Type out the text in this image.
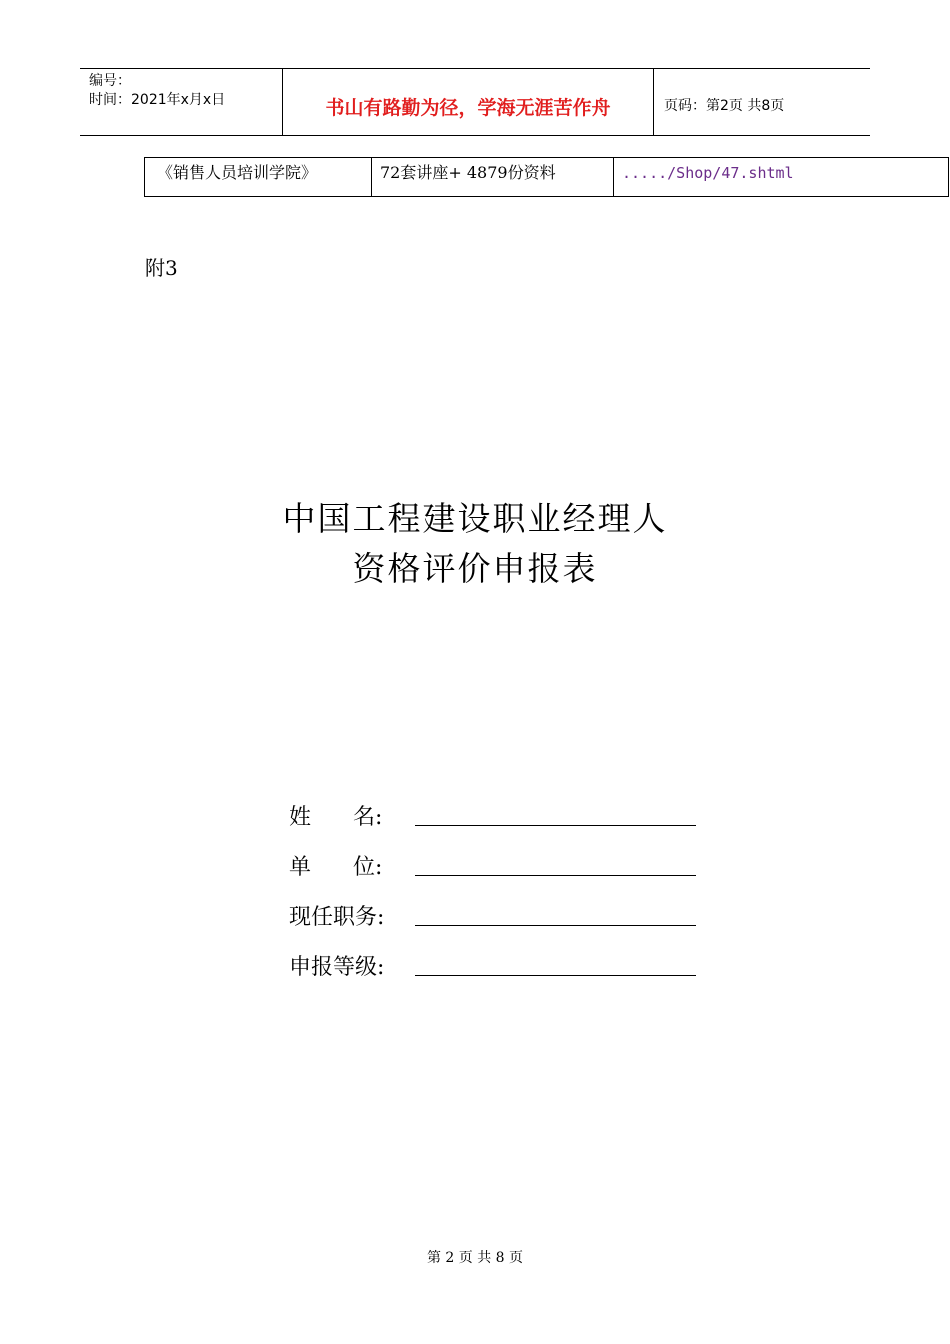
编号：
时间：2021年x月x日	书山有路勤为径，学海无涯苦作舟	页码：第2页 共8页
《销售人员培训学院》	72套讲座+ 4879份资料	...../Shop/47.shtml
附3
中国工程建设职业经理人
资格评价申报表
姓      名:
单      位:
现任职务:
申报等级:
第 2 页 共 8 页
